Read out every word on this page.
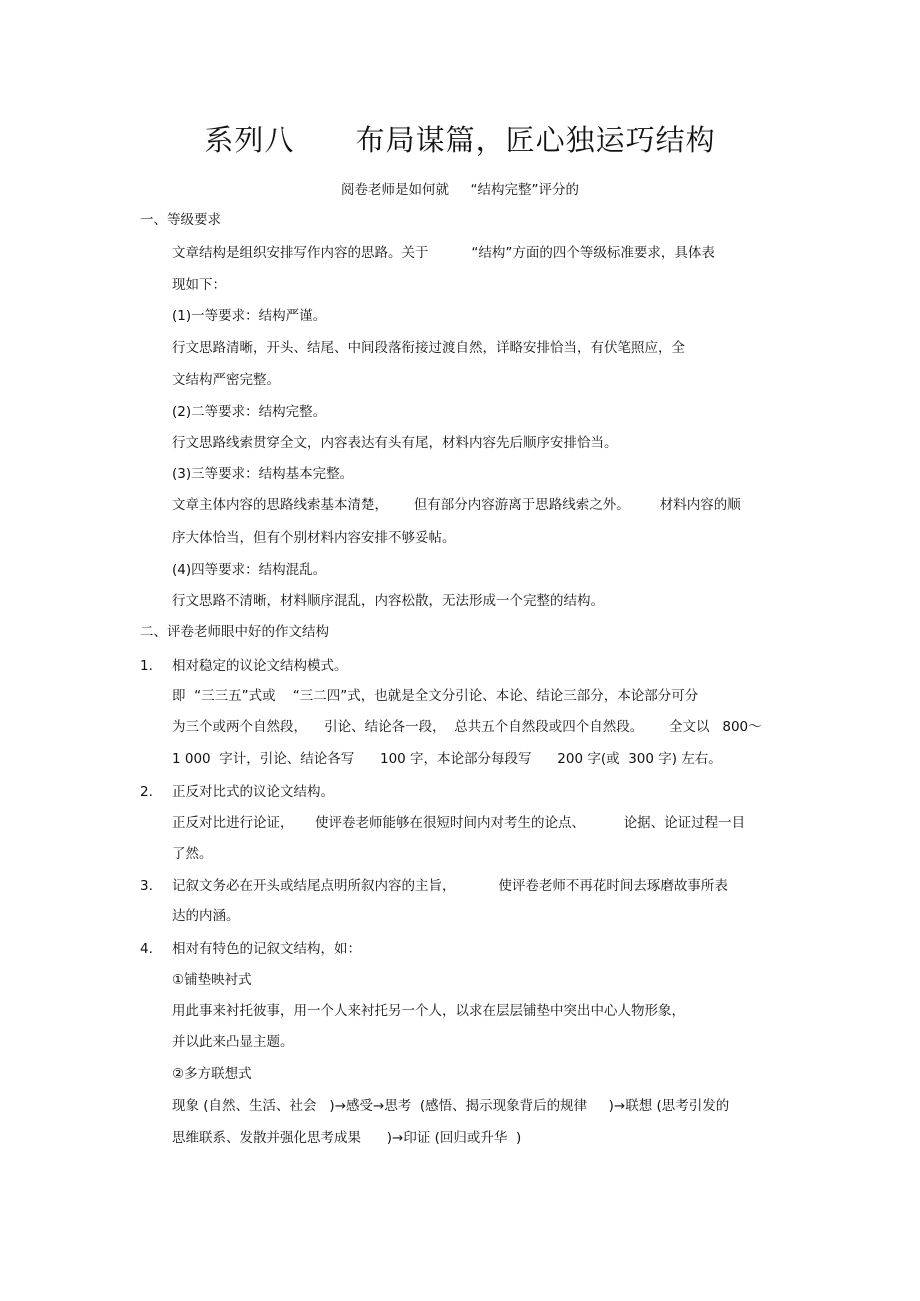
系列八      布局谋篇，匠心独运巧结构
阅卷老师是如何就     “结构完整”评分的
一、等级要求
文章结构是组织安排写作内容的思路。关于          “结构”方面的四个等级标准要求，具体表
现如下：
(1)一等要求：结构严谨。
行文思路清晰，开头、结尾、中间段落衔接过渡自然，详略安排恰当，有伏笔照应，全
文结构严密完整。
(2)二等要求：结构完整。
行文思路线索贯穿全文，内容表达有头有尾，材料内容先后顺序安排恰当。
(3)三等要求：结构基本完整。
文章主体内容的思路线索基本清楚，      但有部分内容游离于思路线索之外。       材料内容的顺
序大体恰当，但有个别材料内容安排不够妥帖。
(4)四等要求：结构混乱。
行文思路不清晰，材料顺序混乱，内容松散，无法形成一个完整的结构。
二、评卷老师眼中好的作文结构
1.	相对稳定的议论文结构模式。
即  “三三五”式或    “三二四”式，也就是全文分引论、本论、结论三部分，本论部分可分
为三个或两个自然段，    引论、结论各一段，  总共五个自然段或四个自然段。      全文以   800～
1 000  字计，引论、结论各写      100 字，本论部分每段写      200 字(或  300 字) 左右。
2.	正反对比式的议论文结构。
正反对比进行论证，     使评卷老师能够在很短时间内对考生的论点、         论据、论证过程一目
了然。
3.	记叙文务必在开头或结尾点明所叙内容的主旨，          使评卷老师不再花时间去琢磨故事所表
达的内涵。
4.	相对有特色的记叙文结构，如：
①铺垫映衬式
用此事来衬托彼事，用一个人来衬托另一个人，以求在层层铺垫中突出中心人物形象，
并以此来凸显主题。
②多方联想式
现象 (自然、生活、社会   )→感受→思考  (感悟、揭示现象背后的规律     )→联想 (思考引发的
思维联系、发散并强化思考成果      )→印证 (回归或升华  )
